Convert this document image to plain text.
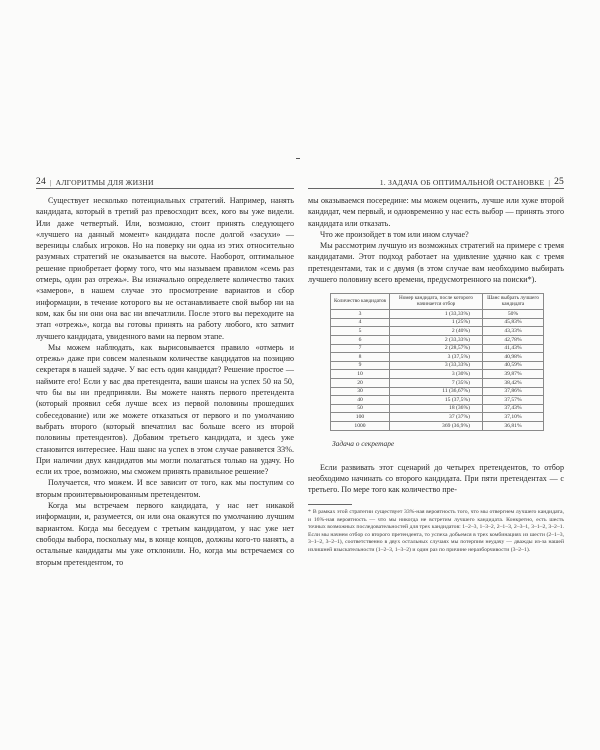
24 | АЛГОРИТМЫ ДЛЯ ЖИЗНИ

Существует несколько потенциальных стратегий. Например, нанять кандидата, который в третий раз превосходит всех, кого вы уже видели. Или даже четвертый. Или, возможно, стоит принять следующего «лучшего на данный момент» кандидата после долгой «засухи» — вереницы слабых игроков. Но на поверку ни одна из этих относительно разумных стратегий не оказывается на высоте. Наоборот, оптимальное решение приобретает форму того, что мы называем правилом «семь раз отмерь, один раз отрежь». Вы изначально определяете количество таких «замеров», в нашем случае это просмотрение вариантов и сбор информации, в течение которого вы не останавливаете свой выбор ни на ком, как бы ни они она вас ни впечатлили. После этого вы переходите на этап «отрежь», когда вы готовы принять на работу любого, кто затмит лучшего кандидата, увиденного вами на первом этапе.

Мы можем наблюдать, как вырисовывается правило «отмерь и отрежь» даже при совсем маленьком количестве кандидатов на позицию секретаря в нашей задаче. У вас есть один кандидат? Решение простое — наймите его! Если у вас два претендента, ваши шансы на успех 50 на 50, что бы вы ни предприняли. Вы можете нанять первого претендента (который проявил себя лучше всех из первой половины прошедших собеседование) или же можете отказаться от первого и по умолчанию выбрать второго (который впечатлил вас больше всего из второй половины претендентов). Добавим третьего кандидата, и здесь уже становится интереснее. Наш шанс на успех в этом случае равняется 33%. При наличии двух кандидатов мы могли полагаться только на удачу. Но если их трое, возможно, мы сможем принять правильное решение?

Получается, что можем. И все зависит от того, как мы поступим со вторым проинтервьюированным претендентом.

Когда мы встречаем первого кандидата, у нас нет никакой информации, и, разумеется, он или она окажутся по умолчанию лучшим вариантом. Когда мы беседуем с третьим кандидатом, у нас уже нет свободы выбора, поскольку мы, в конце концов, должны кого-то нанять, а остальные кандидаты мы уже отклонили. Но, когда мы встречаемся со вторым претендентом, то

1. ЗАДАЧА ОБ ОПТИМАЛЬНОЙ ОСТАНОВКЕ | 25

мы оказываемся посередине: мы можем оценить, лучше или хуже второй кандидат, чем первый, и одновременно у нас есть выбор — принять этого кандидата или отказать.

Что же произойдет в том или ином случае?

Мы рассмотрим лучшую из возможных стратегий на примере с тремя кандидатами. Этот подход работает на удивление удачно как с тремя претендентами, так и с двумя (в этом случае вам необходимо выбирать лучшего половину всего времени, предусмотренного на поиски*).

Количество кандидатов	Номер кандидата, после которого начинается отбор	Шанс выбрать лучшего кандидата
3	1 (33,33%)	50%
4	1 (25%)	45,83%
5	2 (40%)	43,33%
6	2 (33,33%)	42,78%
7	2 (28,57%)	41,43%
8	3 (37,5%)	40,98%
9	3 (33,33%)	40,59%
10	3 (30%)	39,87%
20	7 (35%)	38,42%
30	11 (36,67%)	37,86%
40	15 (37,5%)	37,57%
50	18 (36%)	37,43%
100	37 (37%)	37,10%
1000	369 (36,9%)	36,81%
Задача о секретаре

Если развивать этот сценарий до четырех претендентов, то отбор необходимо начинать со второго кандидата. При пяти претендентах — с третьего. По мере того как количество пре-

* В рамках этой стратегии существует 33%-ная вероятность того, что мы отвергнем лучшего кандидата, и 16%-ная вероятность — что мы никогда не встретим лучшего кандидата. Конкретно, есть шесть точных возможных последовательностей для трех кандидатов: 1–2–3, 1–3–2, 2–1–3, 2–3–1, 3–1–2, 3–2–1. Если мы начнем отбор со второго претендента, то успеха добьемся в трех комбинациях из шести (2–1–3, 3–1–2, 3–2–1), соответственно в двух остальных случаях мы потерпим неудачу — дважды из-за нашей излишней взыскательности (1–2–3, 1–3–2) и один раз по причине неразборчивости (3–2–1).
